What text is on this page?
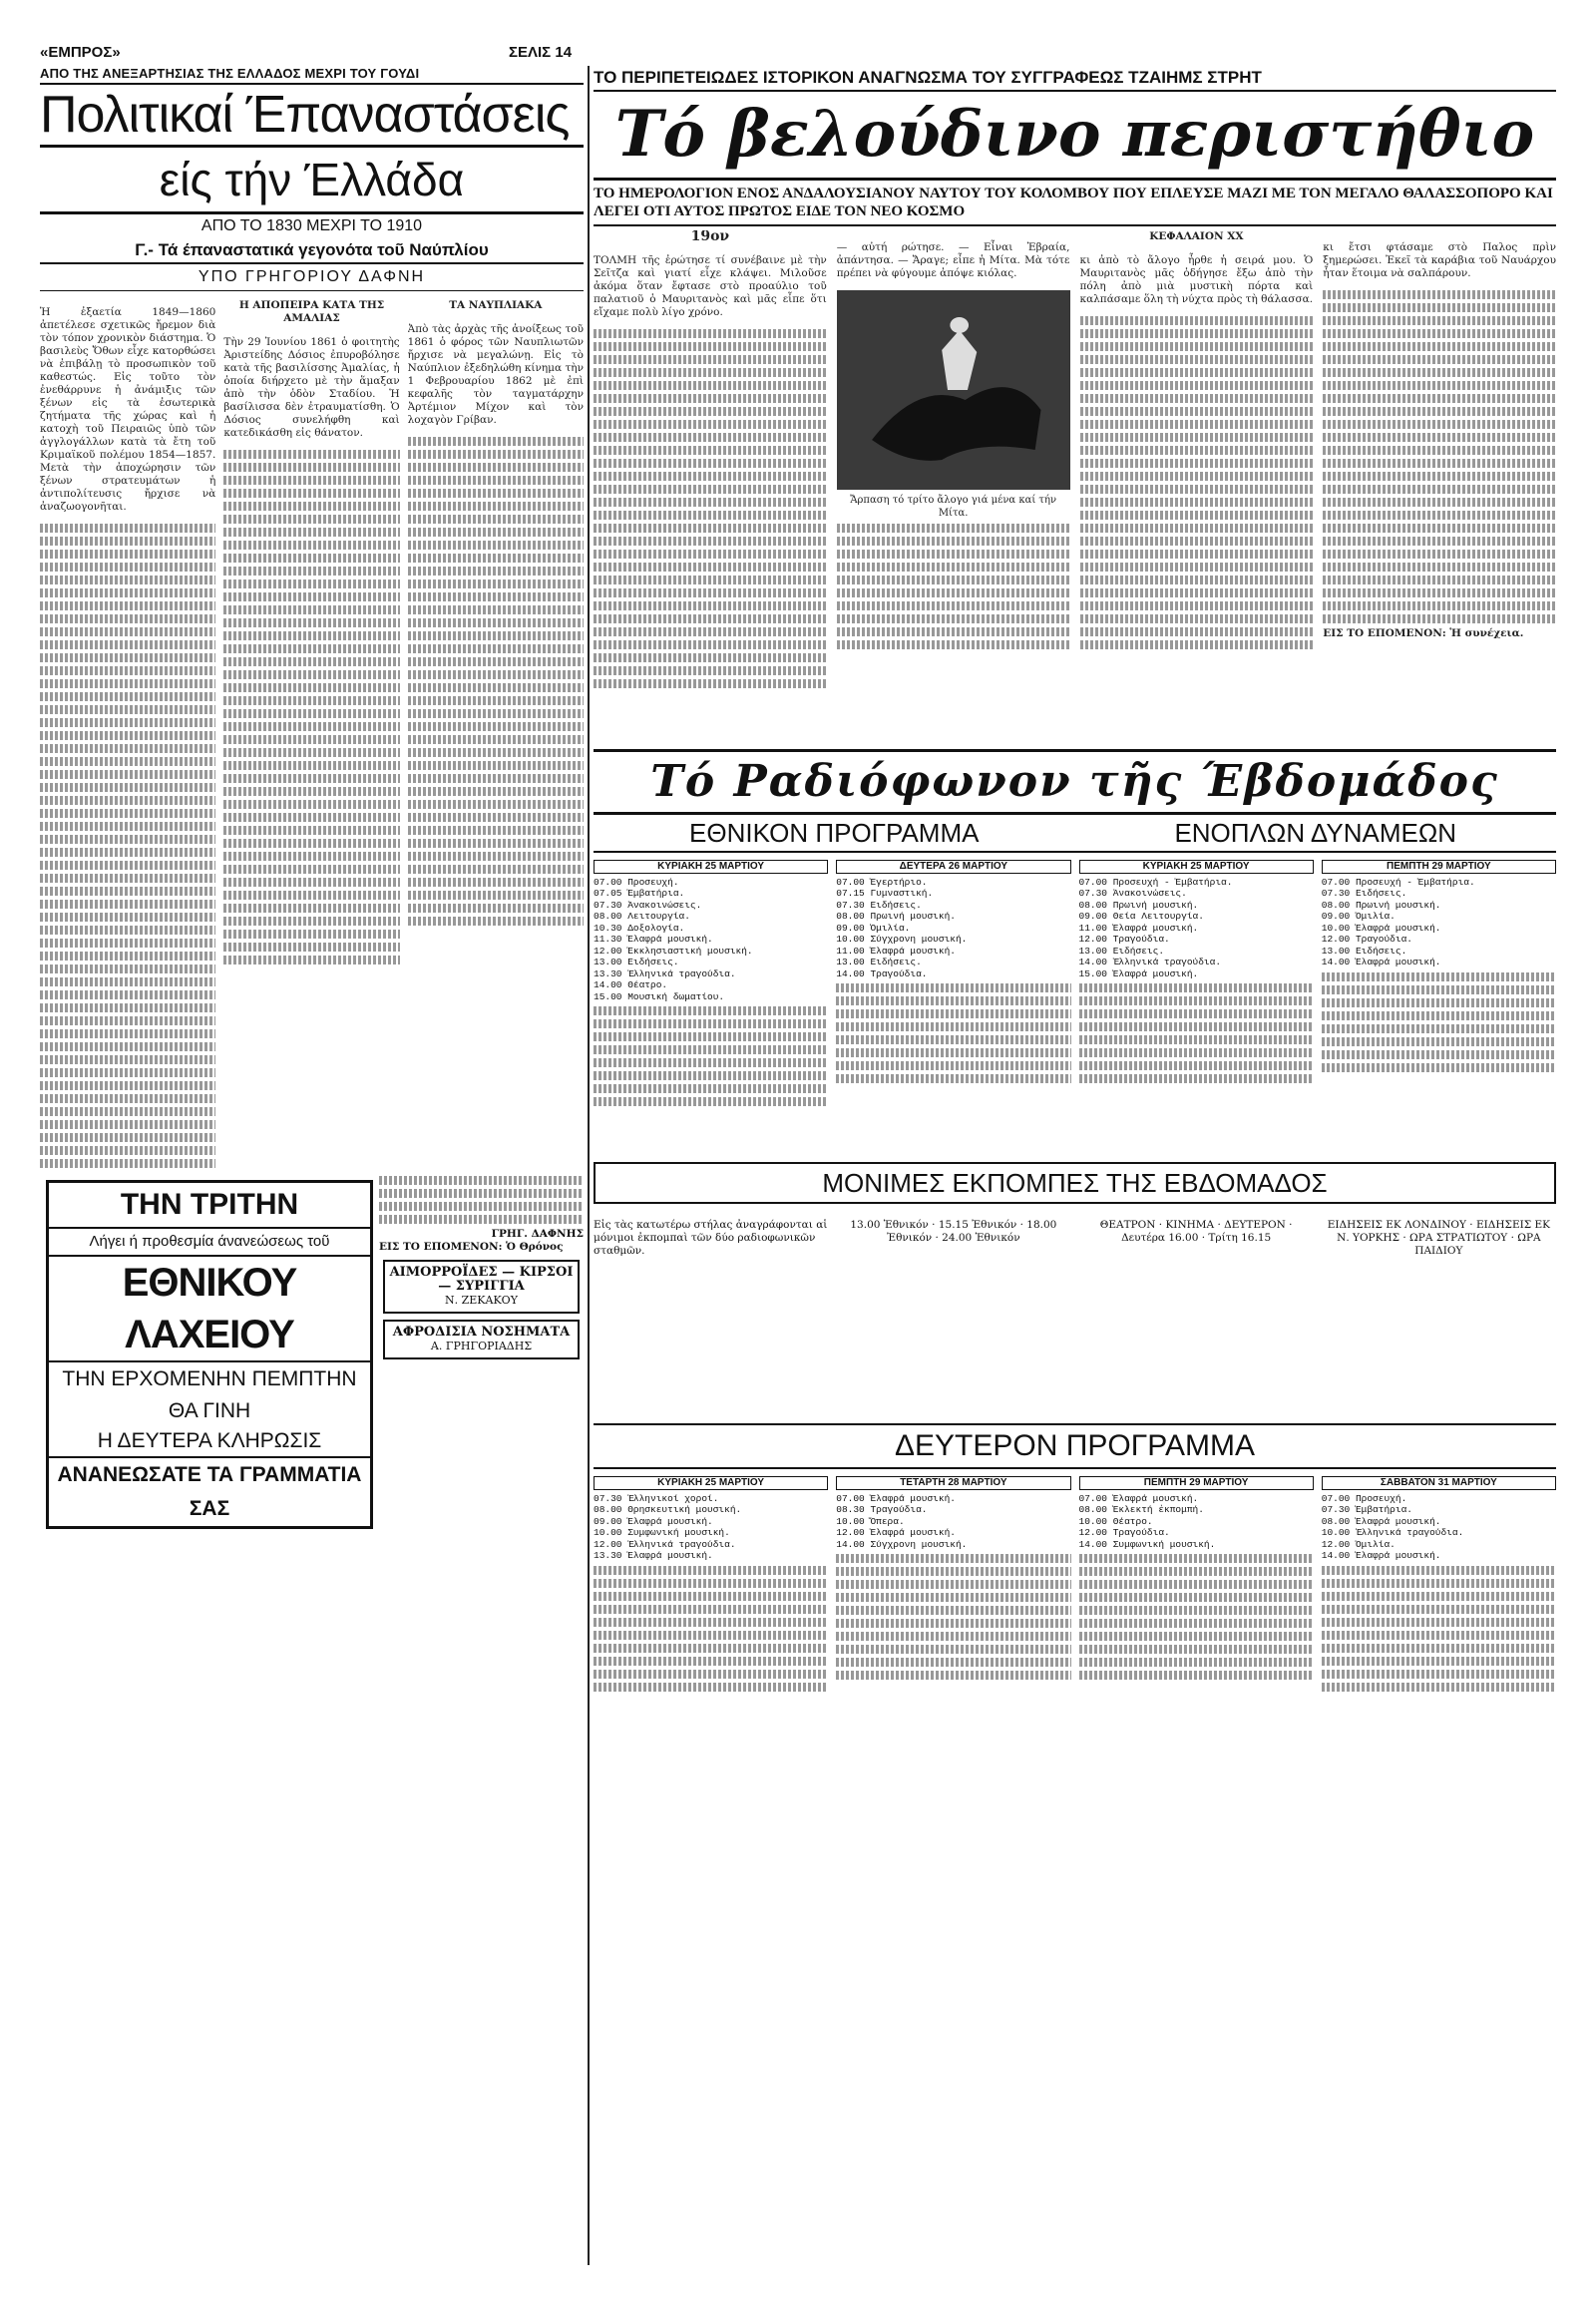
«ΕΜΠΡΟΣ»	ΣΕΛΙΣ 14
ΑΠΟ ΤΗΣ ΑΝΕΞΑΡΤΗΣΙΑΣ ΤΗΣ ΕΛΛΑΔΟΣ ΜΕΧΡΙ ΤΟΥ ΓΟΥΔΙ
Πολιτικαί Έπαναστάσεις
είς τήν Έλλάδα
ΑΠΟ ΤΟ 1830 ΜΕΧΡΙ ΤΟ 1910
Γ.- Τά έπαναστατικά γεγονότα τοῦ Ναύπλίου
ΥΠΟ ΓΡΗΓΟΡΙΟΥ ΔΑΦΝΗ

Ἡ ἐξαετία 1849—1860 ἀπετέλεσε σχετικῶς ἤρεμον διὰ τὸν τόπον χρονικὸν διάστημα. Ὁ βασιλεὺς Ὄθων εἶχε κατορθώσει νὰ ἐπιβάλῃ τὸ προσωπικὸν τοῦ καθεστώς. Εἰς τοῦτο τὸν ἐνεθάρρυνε ἡ ἀνάμιξις τῶν ξένων εἰς τὰ ἐσωτερικὰ ζητήματα τῆς χώρας καὶ ἡ κατοχὴ τοῦ Πειραιῶς ὑπὸ τῶν ἀγγλογάλλων κατὰ τὰ ἔτη τοῦ Κριμαϊκοῦ πολέμου 1854—1857. Μετὰ τὴν ἀποχώρησιν τῶν ξένων στρατευμάτων ἡ ἀντιπολίτευσις ἤρχισε νὰ ἀναζωογονῆται.

Η ΑΠΟΠΕΙΡΑ ΚΑΤΑ ΤΗΣ ΑΜΑΛΙΑΣ

Τὴν 29 Ἰουνίου 1861 ὁ φοιτητὴς Ἀριστείδης Δόσιος ἐπυροβόλησε κατὰ τῆς βασιλίσσης Ἀμαλίας, ἡ ὁποία διήρχετο μὲ τὴν ἅμαξαν ἀπὸ τὴν ὁδὸν Σταδίου. Ἡ βασίλισσα δὲν ἐτραυματίσθη. Ὁ Δόσιος συνελήφθη καὶ κατεδικάσθη εἰς θάνατον.

ΤΑ ΝΑΥΠΛΙΑΚΑ

Ἀπὸ τὰς ἀρχὰς τῆς ἀνοίξεως τοῦ 1861 ὁ φόρος τῶν Ναυπλιωτῶν ἤρχισε νὰ μεγαλώνῃ. Εἰς τὸ Ναύπλιον ἐξεδηλώθη κίνημα τὴν 1 Φεβρουαρίου 1862 μὲ ἐπὶ κεφαλῆς τὸν ταγματάρχην Ἀρτέμιον Μίχον καὶ τὸν λοχαγὸν Γρίβαν.

ΤΗΝ ΤΡΙΤΗΝ
Λήγει ή προθεσμία άνανεώσεως τοῦ
ΕΘΝΙΚΟΥ ΛΑΧΕΙΟΥ
ΤΗΝ ΕΡΧΟΜΕΝΗΝ ΠΕΜΠΤΗΝ
ΘΑ ΓΙΝΗ
Η ΔΕΥΤΕΡΑ ΚΛΗΡΩΣΙΣ
ΑΝΑΝΕΩΣΑΤΕ ΤΑ ΓΡΑΜΜΑΤΙΑ ΣΑΣ
ΓΡΗΓ. ΔΑΦΝΗΣ
ΕΙΣ ΤΟ ΕΠΟΜΕΝΟΝ: Ὁ Θρόνος
ΑΙΜΟΡΡΟΪΔΕΣ — ΚΙΡΣΟΙ — ΣΥΡΙΓΓΙΑ
Ν. ΖΕΚΑΚΟΥ
ΑΦΡΟΔΙΣΙΑ ΝΟΣΗΜΑΤΑ
Α. ΓΡΗΓΟΡΙΑΔΗΣ
ΤΟ ΠΕΡΙΠΕΤΕΙΩΔΕΣ ΙΣΤΟΡΙΚΟΝ ΑΝΑΓΝΩΣΜΑ ΤΟΥ ΣΥΓΓΡΑΦΕΩΣ ΤΖΑΙΗΜΣ ΣΤΡΗΤ
Τό βελούδινο περιστήθιο
ΤΟ ΗΜΕΡΟΛΟΓΙΟΝ ΕΝΟΣ ΑΝΔΑΛΟΥΣΙΑΝΟΥ ΝΑΥΤΟΥ ΤΟΥ ΚΟΛΟΜΒΟΥ ΠΟΥ ΕΠΛΕΥΣΕ ΜΑΖΙ ΜΕ ΤΟΝ ΜΕΓΑΛΟ ΘΑΛΑΣΣΟΠΟΡΟ ΚΑΙ ΛΕΓΕΙ ΟΤΙ ΑΥΤΟΣ ΠΡΩΤΟΣ ΕΙΔΕ ΤΟΝ ΝΕΟ ΚΟΣΜΟ
19ον

ΤΟΛΜΗ τῆς ἐρώτησε τί συνέβαινε μὲ τὴν Σεῖτζα καὶ γιατί εἶχε κλάψει. Μιλοῦσε ἀκόμα ὅταν ἔφτασε στὸ προαύλιο τοῦ παλατιοῦ ὁ Μαυριτανὸς καὶ μᾶς εἶπε ὅτι εἴχαμε πολὺ λίγο χρόνο.

— αὐτή ρώτησε. — Εἶναι Ἑβραία, ἀπάντησα. — Ἄραγε; εἶπε ἡ Μίτα. Μὰ τότε πρέπει νὰ φύγουμε ἀπόψε κιόλας.

Ἄρπαση τό τρίτο ἄλογο γιά μένα καί τήν Μίτα.
ΚΕΦΑΛΑΙΟΝ ΧΧ

κι ἀπὸ τὸ ἄλογο ἦρθε ἡ σειρά μου. Ὁ Μαυριτανὸς μᾶς ὁδήγησε ἔξω ἀπὸ τὴν πόλη ἀπὸ μιὰ μυστικὴ πόρτα καὶ καλπάσαμε ὅλη τὴ νύχτα πρὸς τὴ θάλασσα.

κι ἔτσι φτάσαμε στὸ Παλος πρὶν ξημερώσει. Ἐκεῖ τὰ καράβια τοῦ Ναυάρχου ἦταν ἕτοιμα νὰ σαλπάρουν.

ΕΙΣ ΤΟ ΕΠΟΜΕΝΟΝ: Ἡ συνέχεια.
Τό Ραδιόφωνον τῆς Έβδομάδος
ΕΘΝΙΚΟΝ ΠΡΟΓΡΑΜΜΑ	ΕΝΟΠΛΩΝ ΔΥΝΑΜΕΩΝ
ΚΥΡΙΑΚΗ 25 ΜΑΡΤΙΟΥ
07.00 Προσευχή.
07.05 Ἐμβατήρια.
07.30 Ἀνακοινώσεις.
08.00 Λειτουργία.
10.30 Δοξολογία.
11.30 Ἐλαφρά μουσική.
12.00 Ἐκκλησιαστική μουσική.
13.00 Ειδήσεις.
13.30 Ἑλληνικά τραγούδια.
14.00 Θέατρο.
15.00 Μουσική δωματίου.
ΔΕΥΤΕΡΑ 26 ΜΑΡΤΙΟΥ
07.00 Ἐγερτήριο.
07.15 Γυμναστική.
07.30 Ειδήσεις.
08.00 Πρωινή μουσική.
09.00 Ὁμιλία.
10.00 Σύγχρονη μουσική.
11.00 Ἐλαφρά μουσική.
13.00 Ειδήσεις.
14.00 Τραγούδια.
ΚΥΡΙΑΚΗ 25 ΜΑΡΤΙΟΥ
07.00 Προσευχή - Ἐμβατήρια.
07.30 Ἀνακοινώσεις.
08.00 Πρωινή μουσική.
09.00 Θεία Λειτουργία.
11.00 Ἐλαφρά μουσική.
12.00 Τραγούδια.
13.00 Ειδήσεις.
14.00 Ἑλληνικά τραγούδια.
15.00 Ἐλαφρά μουσική.
ΠΕΜΠΤΗ 29 ΜΑΡΤΙΟΥ
07.00 Προσευχή - Ἐμβατήρια.
07.30 Ειδήσεις.
08.00 Πρωινή μουσική.
09.00 Ὁμιλία.
10.00 Ἐλαφρά μουσική.
12.00 Τραγούδια.
13.00 Ειδήσεις.
14.00 Ἐλαφρά μουσική.
ΜΟΝΙΜΕΣ ΕΚΠΟΜΠΕΣ ΤΗΣ ΕΒΔΟΜΑΔΟΣ

Εἰς τὰς κατωτέρω στήλας ἀναγράφονται αἱ μόνιμοι ἐκπομπαὶ τῶν δύο ραδιοφωνικῶν σταθμῶν.

13.00 Ἐθνικόν · 15.15 Ἐθνικόν · 18.00 Ἐθνικόν · 24.00 Ἐθνικόν

ΘΕΑΤΡΟΝ · ΚΙΝΗΜΑ · ΔΕΥΤΕΡΟΝ · Δευτέρα 16.00 · Τρίτη 16.15

ΕΙΔΗΣΕΙΣ ΕΚ ΛΟΝΔΙΝΟΥ · ΕΙΔΗΣΕΙΣ ΕΚ Ν. ΥΟΡΚΗΣ · ΩΡΑ ΣΤΡΑΤΙΩΤΟΥ · ΩΡΑ ΠΑΙΔΙΟΥ

ΔΕΥΤΕΡΟΝ ΠΡΟΓΡΑΜΜΑ
ΚΥΡΙΑΚΗ 25 ΜΑΡΤΙΟΥ
07.30 Ἑλληνικοί χοροί.
08.00 Θρησκευτική μουσική.
09.00 Ἐλαφρά μουσική.
10.00 Συμφωνική μουσική.
12.00 Ἑλληνικά τραγούδια.
13.30 Ἐλαφρά μουσική.
ΤΕΤΑΡΤΗ 28 ΜΑΡΤΙΟΥ
07.00 Ἐλαφρά μουσική.
08.30 Τραγούδια.
10.00 Ὄπερα.
12.00 Ἐλαφρά μουσική.
14.00 Σύγχρονη μουσική.
ΠΕΜΠΤΗ 29 ΜΑΡΤΙΟΥ
07.00 Ἐλαφρά μουσική.
08.00 Ἐκλεκτή ἐκπομπή.
10.00 Θέατρο.
12.00 Τραγούδια.
14.00 Συμφωνική μουσική.
ΣΑΒΒΑΤΟΝ 31 ΜΑΡΤΙΟΥ
07.00 Προσευχή.
07.30 Ἐμβατήρια.
08.00 Ἐλαφρά μουσική.
10.00 Ἑλληνικά τραγούδια.
12.00 Ὁμιλία.
14.00 Ἐλαφρά μουσική.
